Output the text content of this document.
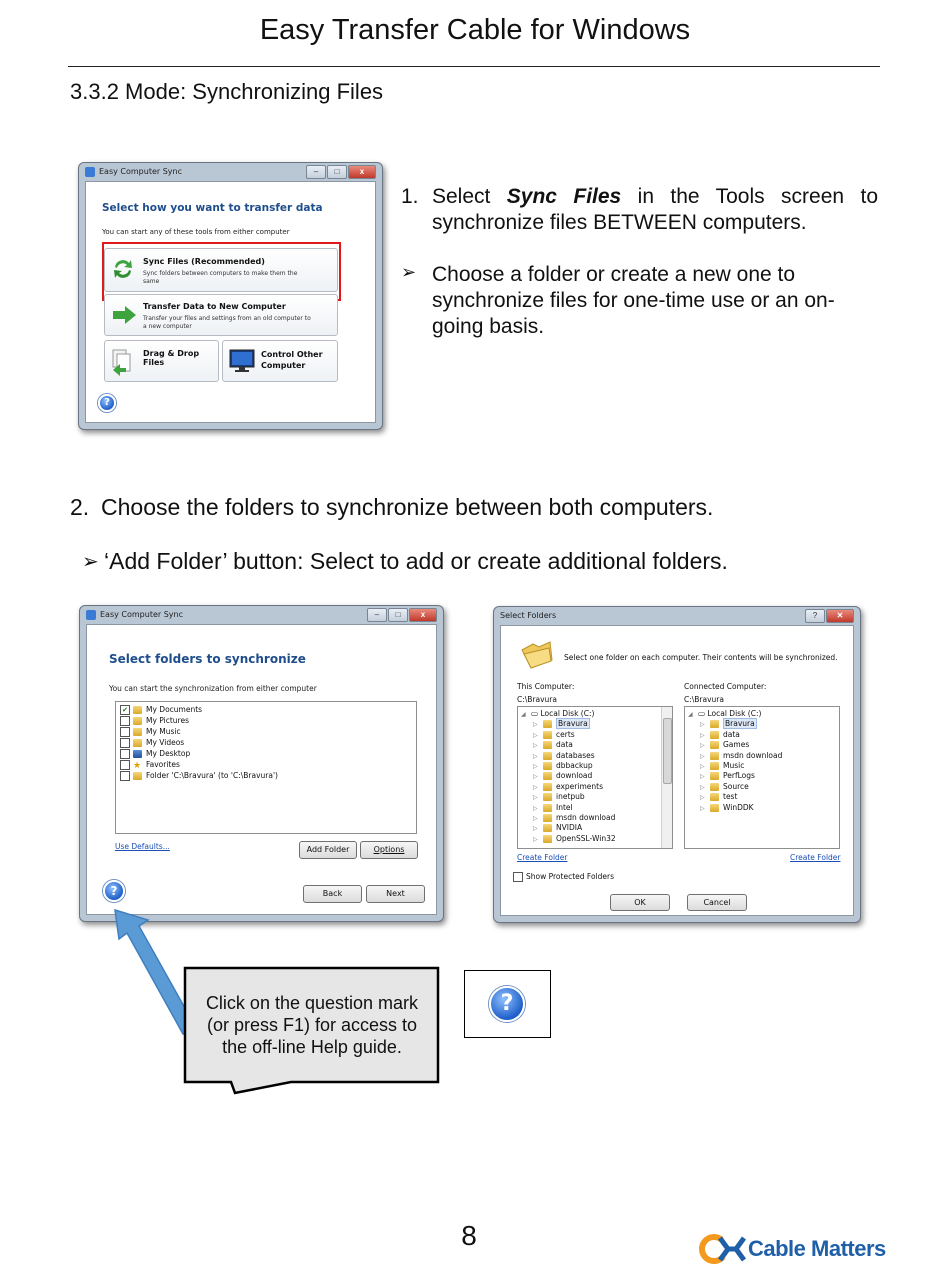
Easy Transfer Cable for Windows
3.3.2 Mode: Synchronizing Files
Easy Computer Sync	–	□	x
Select how you want to transfer data
You can start any of these tools from either computer
Sync Files (Recommended)
Sync folders between computers to make them the same
Transfer Data to New Computer
Transfer your files and settings from an old computer to a new computer
Drag & Drop Files
Control Other Computer
?
1. Select Sync Files in the Tools screen to synchronize files BETWEEN computers.
➢ Choose a folder or create a new one to synchronize files for one-time use or an on-going basis.
2. Choose the folders to synchronize between both computers.
➢ ‘Add Folder’ button: Select to add or create additional folders.
Easy Computer Sync	–	□	x
Select folders to synchronize
You can start the synchronization from either computer
✔ My Documents
My Pictures
My Music
My Videos
My Desktop
★ Favorites
Folder 'C:\Bravura' (to 'C:\Bravura')
Use Defaults...	Add Folder	Options
Back	Next
?
Select Folders	?	✕
Select one folder on each computer. Their contents will be synchronized.
This Computer:
C:\Bravura
Connected Computer:
C:\Bravura
◢ ▭ Local Disk (C:)
▷	Bravura
▷ certs
▷ data
▷ databases
▷ dbbackup
▷ download
▷ experiments
▷ inetpub
▷ Intel
▷ msdn download
▷ NVIDIA
▷ OpenSSL-Win32
◢ ▭ Local Disk (C:)
▷	Bravura
▷ data
▷ Games
▷ msdn download
▷ Music
▷ PerfLogs
▷ Source
▷ test
▷ WinDDK
Create Folder	Create Folder
Show Protected Folders
OK	Cancel
Click on the question mark (or press F1) for access to the off-line Help guide.
?
8	Cable Matters
